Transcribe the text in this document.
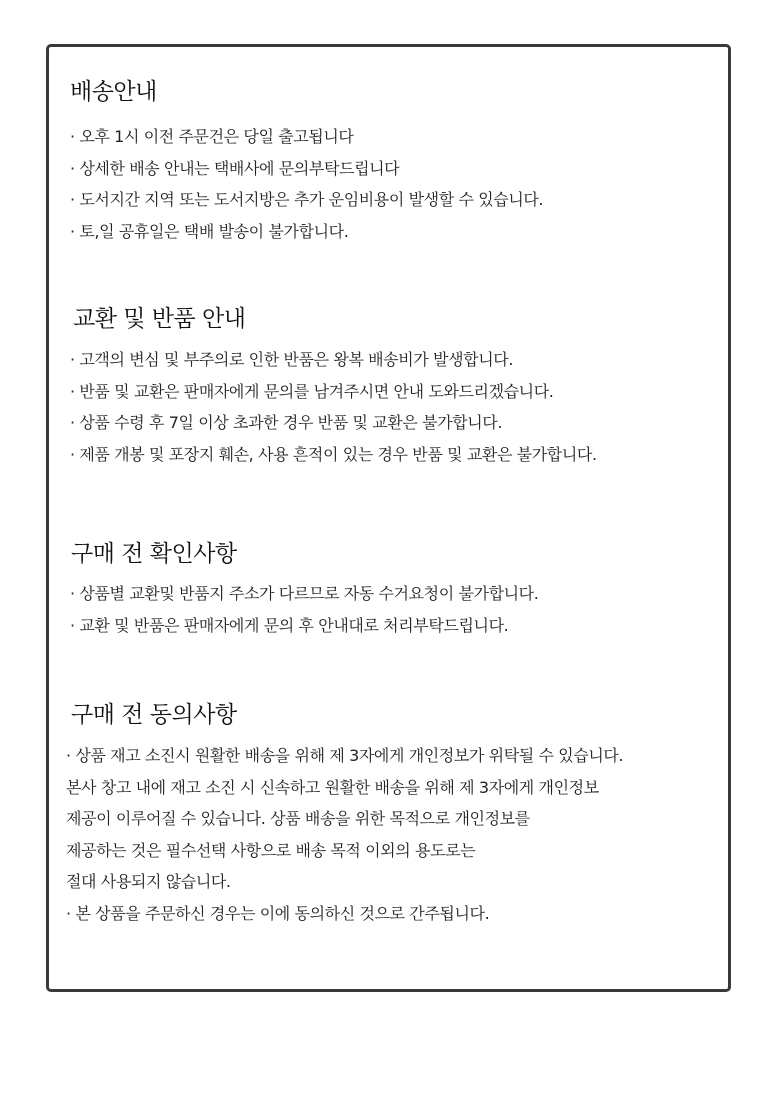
배송안내
· 오후 1시 이전 주문건은 당일 출고됩니다
· 상세한 배송 안내는 택배사에 문의부탁드립니다
· 도서지간 지역 또는 도서지방은 추가 운임비용이 발생할 수 있습니다.
· 토,일 공휴일은 택배 발송이 불가합니다.
교환 및 반품 안내
· 고객의 변심 및 부주의로 인한 반품은 왕복 배송비가 발생합니다.
· 반품 및 교환은 판매자에게 문의를 남겨주시면 안내 도와드리겠습니다.
· 상품 수령 후 7일 이상 초과한 경우 반품 및 교환은 불가합니다.
· 제품 개봉 및 포장지 훼손, 사용 흔적이 있는 경우 반품 및 교환은 불가합니다.
구매 전 확인사항
· 상품별 교환및 반품지 주소가 다르므로 자동 수거요청이 불가합니다.
· 교환 및 반품은 판매자에게 문의 후 안내대로 처리부탁드립니다.
구매 전 동의사항
· 상품 재고 소진시 원활한 배송을 위해 제 3자에게 개인정보가 위탁될 수 있습니다.
본사 창고 내에 재고 소진 시 신속하고 원활한 배송을 위해 제 3자에게 개인정보
제공이 이루어질 수 있습니다. 상품 배송을 위한 목적으로 개인정보를
제공하는 것은 필수선택 사항으로 배송 목적 이외의 용도로는
절대 사용되지 않습니다.
· 본 상품을 주문하신 경우는 이에 동의하신 것으로 간주됩니다.
